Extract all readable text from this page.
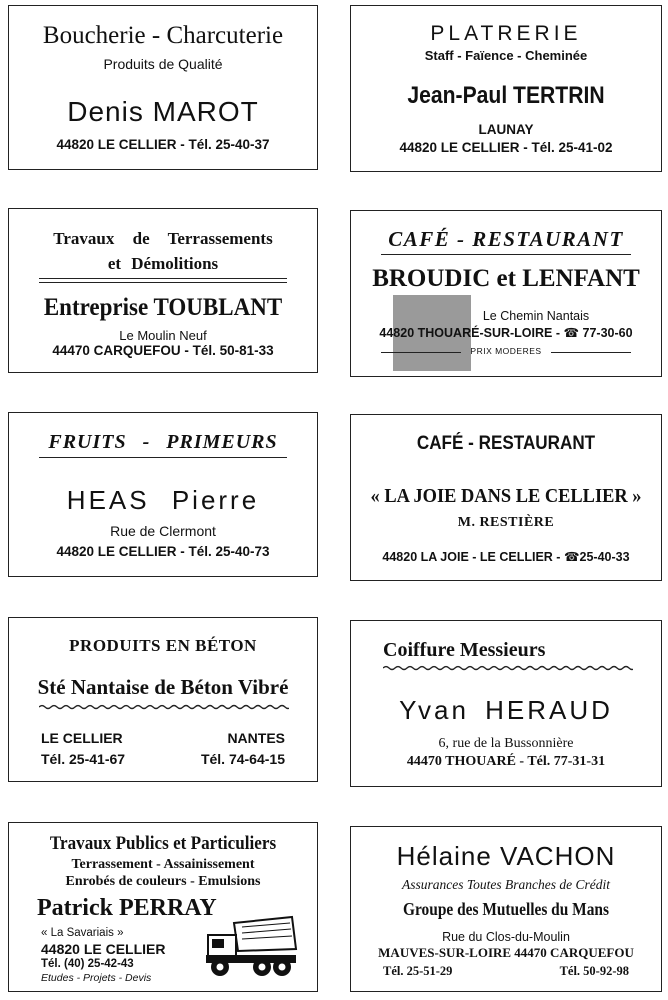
Boucherie - Charcuterie
Produits de Qualité
Denis MAROT
44820 LE CELLIER - Tél. 25-40-37
Travaux de Terrassements
et Démolitions
Entreprise TOUBLANT
Le Moulin Neuf
44470 CARQUEFOU - Tél. 50-81-33
FRUITS - PRIMEURS
HEAS Pierre
Rue de Clermont
44820 LE CELLIER - Tél. 25-40-73
PRODUITS EN BÉTON
Sté Nantaise de Béton Vibré
LE CELLIER
Tél. 25-41-67
NANTES
Tél. 74-64-15
Travaux Publics et Particuliers
Terrassement - Assainissement
Enrobés de couleurs - Emulsions
Patrick PERRAY
« La Savariais »
44820 LE CELLIER
Tél. (40) 25-42-43
Etudes - Projets - Devis
PLATRERIE
Staff - Faïence - Cheminée
Jean-Paul TERTRIN
LAUNAY
44820 LE CELLIER - Tél. 25-41-02
CAFÉ - RESTAURANT
BROUDIC et LENFANT
Le Chemin Nantais
44820 THOUARÉ-SUR-LOIRE - ☎ 77-30-60
PRIX MODERES
CAFÉ - RESTAURANT
« LA JOIE DANS LE CELLIER »
M. RESTIÈRE
44820 LA JOIE - LE CELLIER - ☎25-40-33
Coiffure Messieurs
Yvan HERAUD
6, rue de la Bussonnière
44470 THOUARÉ - Tél. 77-31-31
Hélaine VACHON
Assurances Toutes Branches de Crédit
Groupe des Mutuelles du Mans
Rue du Clos-du-Moulin
MAUVES-SUR-LOIRE 44470 CARQUEFOU
Tél. 25-51-29	Tél. 50-92-98
